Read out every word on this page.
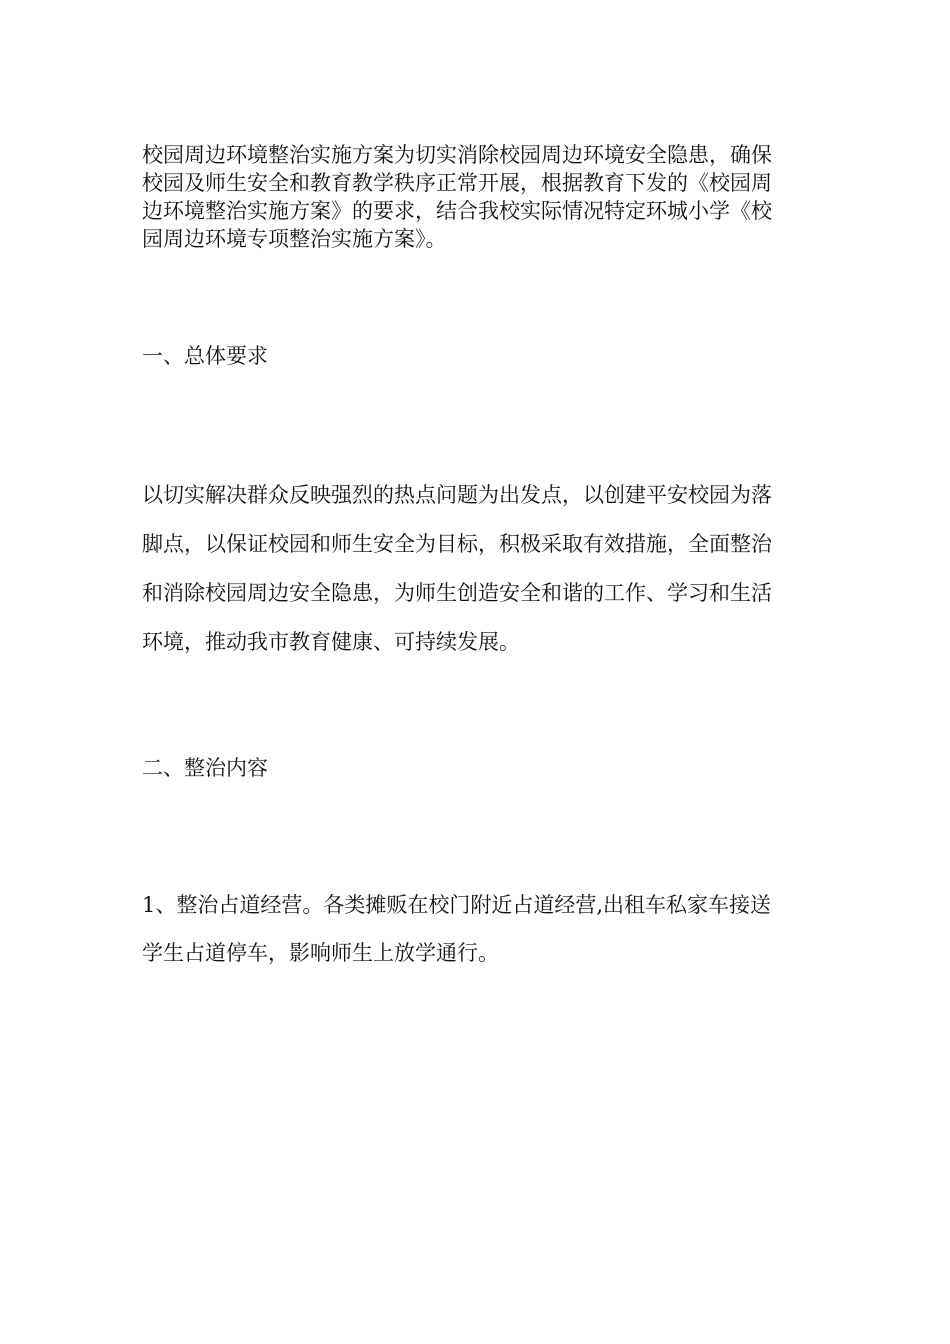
校园周边环境整治实施方案为切实消除校园周边环境安全隐患，确保校园及师生安全和教育教学秩序正常开展，根据教育下发的《校园周边环境整治实施方案》的要求，结合我校实际情况特定环城小学《校园周边环境专项整治实施方案》。

一、总体要求

以切实解决群众反映强烈的热点问题为出发点，以创建平安校园为落脚点，以保证校园和师生安全为目标，积极采取有效措施，全面整治和消除校园周边安全隐患，为师生创造安全和谐的工作、学习和生活环境，推动我市教育健康、可持续发展。

二、整治内容

1、整治占道经营。各类摊贩在校门附近占道经营,出租车私家车接送学生占道停车，影响师生上放学通行。
